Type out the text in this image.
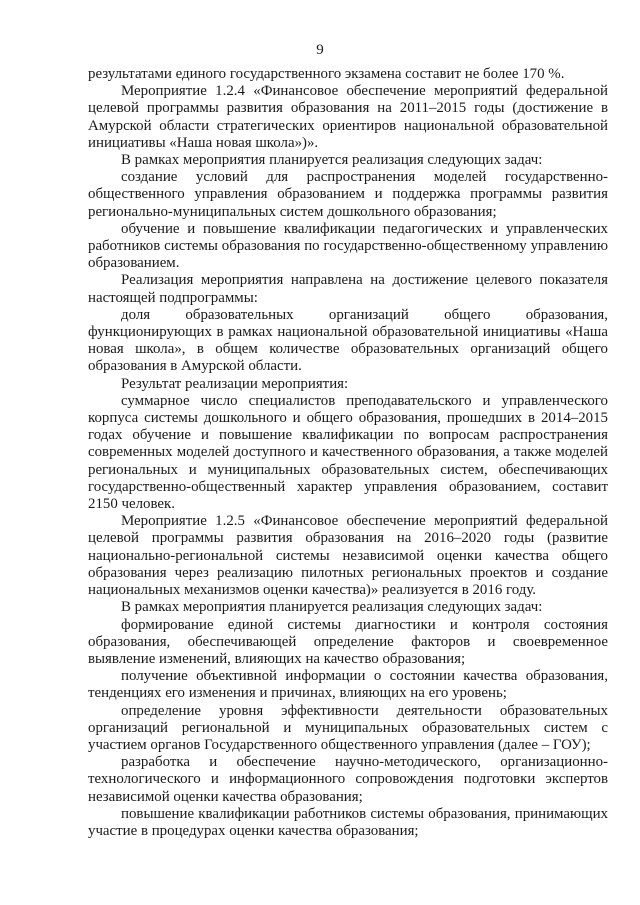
9

результатами единого государственного экзамена составит не более 170 %.

Мероприятие 1.2.4 «Финансовое обеспечение мероприятий федеральной целевой программы развития образования на 2011–2015 годы (достижение в Амурской области стратегических ориентиров национальной образовательной инициативы «Наша новая школа»)».

В рамках мероприятия планируется реализация следующих задач:

создание условий для распространения моделей государственно-общественного управления образованием и поддержка программы развития регионально-муниципальных систем дошкольного образования;

обучение и повышение квалификации педагогических и управленческих работников системы образования по государственно-общественному управлению образованием.

Реализация мероприятия направлена на достижение целевого показателя настоящей подпрограммы:

доля образовательных организаций общего образования, функционирующих в рамках национальной образовательной инициативы «Наша новая школа», в общем количестве образовательных организаций общего образования в Амурской области.

Результат реализации мероприятия:

суммарное число специалистов преподавательского и управленческого корпуса системы дошкольного и общего образования, прошедших в 2014–2015 годах обучение и повышение квалификации по вопросам распространения современных моделей доступного и качественного образования, а также моделей региональных и муниципальных образовательных систем, обеспечивающих государственно-общественный характер управления образованием, составит 2150 человек.

Мероприятие 1.2.5 «Финансовое обеспечение мероприятий федеральной целевой программы развития образования на 2016–2020 годы (развитие национально-региональной системы независимой оценки качества общего образования через реализацию пилотных региональных проектов и создание национальных механизмов оценки качества)» реализуется в 2016 году.

В рамках мероприятия планируется реализация следующих задач:

формирование единой системы диагностики и контроля состояния образования, обеспечивающей определение факторов и своевременное выявление изменений, влияющих на качество образования;

получение объективной информации о состоянии качества образования, тенденциях его изменения и причинах, влияющих на его уровень;

определение уровня эффективности деятельности образовательных организаций региональной и муниципальных образовательных систем с участием органов Государственного общественного управления (далее – ГОУ);

разработка и обеспечение научно-методического, организационно-технологического и информационного сопровождения подготовки экспертов независимой оценки качества образования;

повышение квалификации работников системы образования, принимающих участие в процедурах оценки качества образования;
